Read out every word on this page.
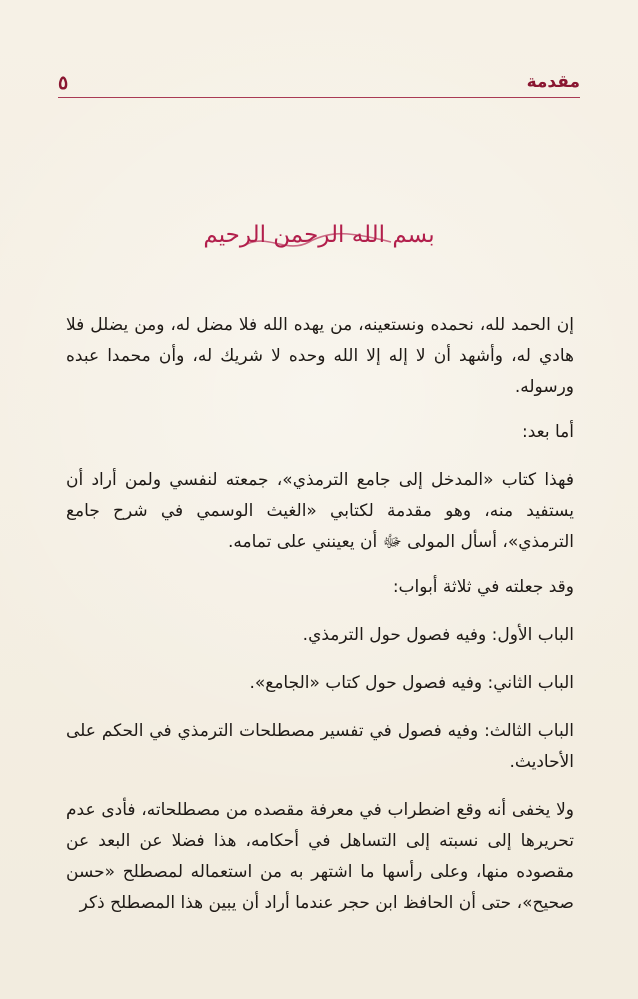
٥	مقدمة
بسم الله الرحمن الرحيم

إن الحمد لله، نحمده ونستعينه، من يهده الله فلا مضل له، ومن يضلل فلا هادي له، وأشهد أن لا إله إلا الله وحده لا شريك له، وأن محمدا عبده ورسوله.

أما بعد:

فهذا كتاب «المدخل إلى جامع الترمذي»، جمعته لنفسي ولمن أراد أن يستفيد منه، وهو مقدمة لكتابي «الغيث الوسمي في شرح جامع الترمذي»، أسأل المولى ﷻ أن يعينني على تمامه.

وقد جعلته في ثلاثة أبواب:

الباب الأول: وفيه فصول حول الترمذي.

الباب الثاني: وفيه فصول حول كتاب «الجامع».

الباب الثالث: وفيه فصول في تفسير مصطلحات الترمذي في الحكم على الأحاديث.

ولا يخفى أنه وقع اضطراب في معرفة مقصده من مصطلحاته، فأدى عدم تحريرها إلى نسبته إلى التساهل في أحكامه، هذا فضلا عن البعد عن مقصوده منها، وعلى رأسها ما اشتهر به من استعماله لمصطلح «حسن صحيح»، حتى أن الحافظ ابن حجر عندما أراد أن يبين هذا المصطلح ذكر
